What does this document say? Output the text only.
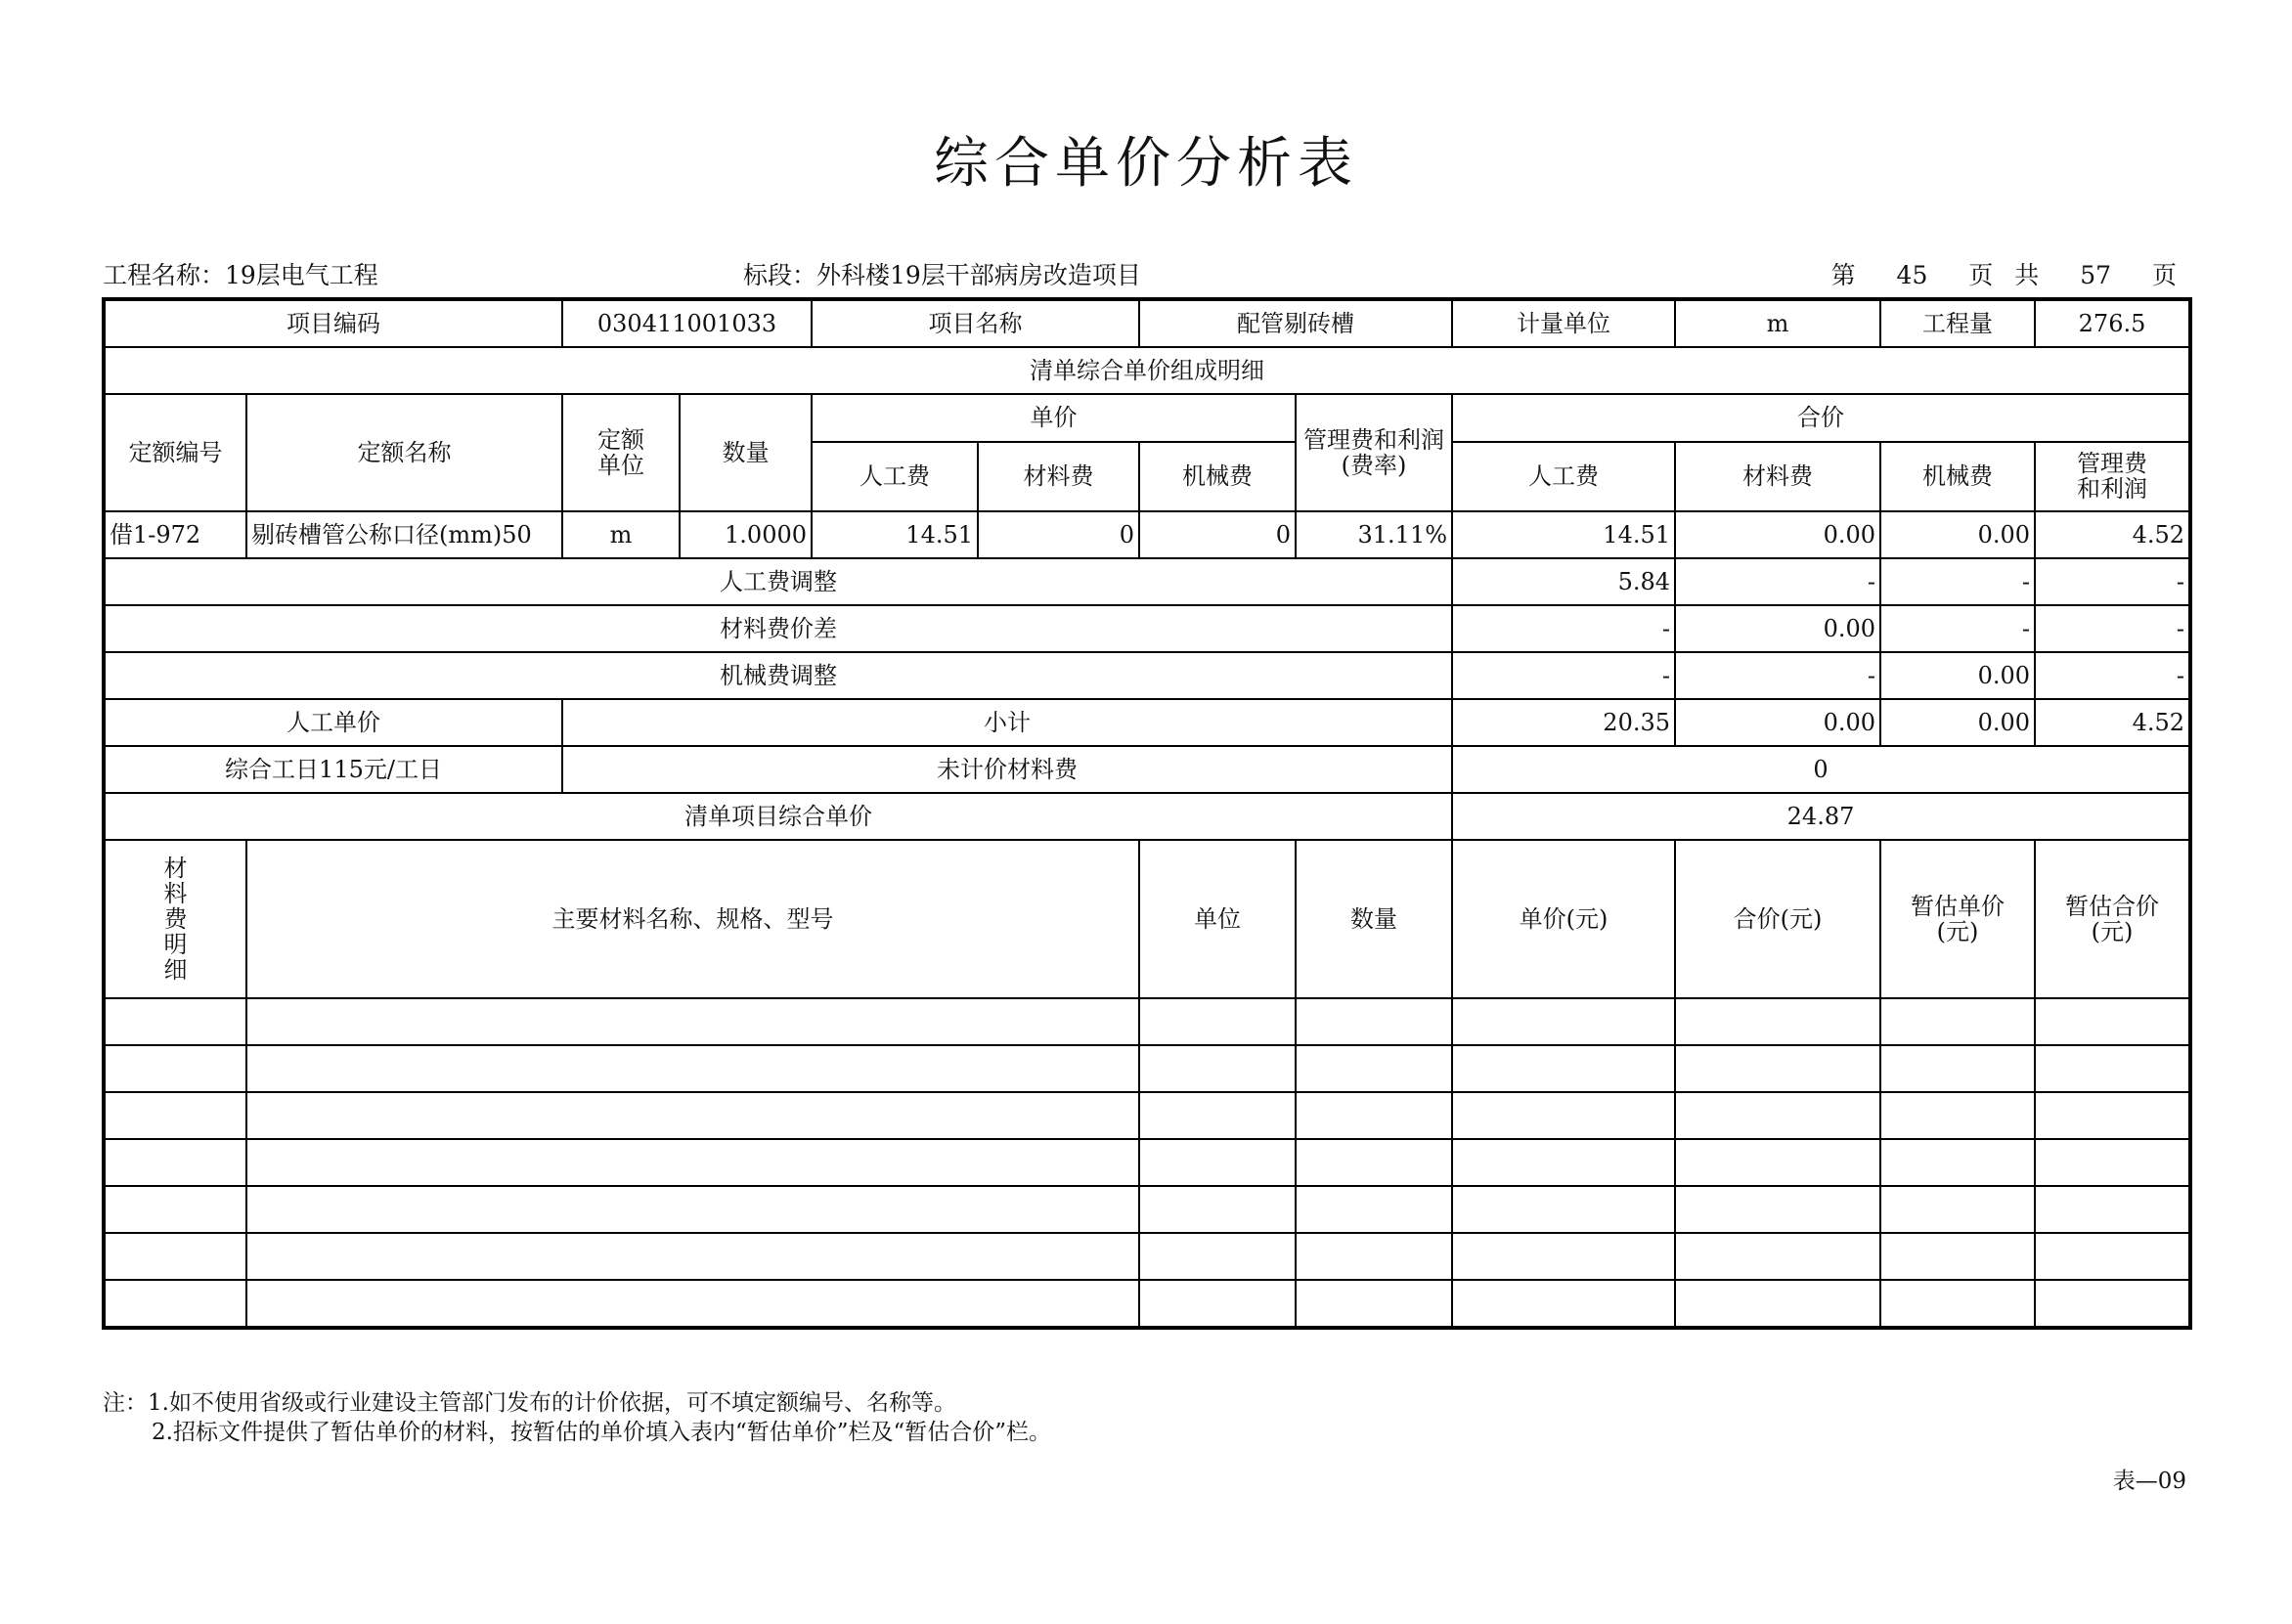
综合单价分析表
工程名称：19层电气工程	标段：外科楼19层干部病房改造项目	第 45 页 共 57 页
项目编码		030411001033		项目名称		配管剔砖槽		计量单位	m	工程量	276.5
清单综合单价组成明细											
定额编号	定额名称	定额单位	数量	单价			管理费和利润(费率)	合价			
				人工费	材料费	机械费		人工费	材料费	机械费	管理费和利润
借1-972	剔砖槽管公称口径(mm)50	m	1.0000	14.51	0	0	31.11%	14.51	0.00	0.00	4.52
人工费调整								5.84	-	-	-
材料费价差								-	0.00	-	-
机械费调整								-	-	0.00	-
人工单价		小计						20.35	0.00	0.00	4.52
综合工日115元/工日		未计价材料费						0			
清单项目综合单价								24.87			
材料费明细	主要材料名称、规格、型号					单位	数量	单价(元)	合价(元)	暂估单价(元)	暂估合价(元)

注：1.如不使用省级或行业建设主管部门发布的计价依据，可不填定额编号、名称等。
2.招标文件提供了暂估单价的材料，按暂估的单价填入表内“暂估单价”栏及“暂估合价”栏。
表—09
